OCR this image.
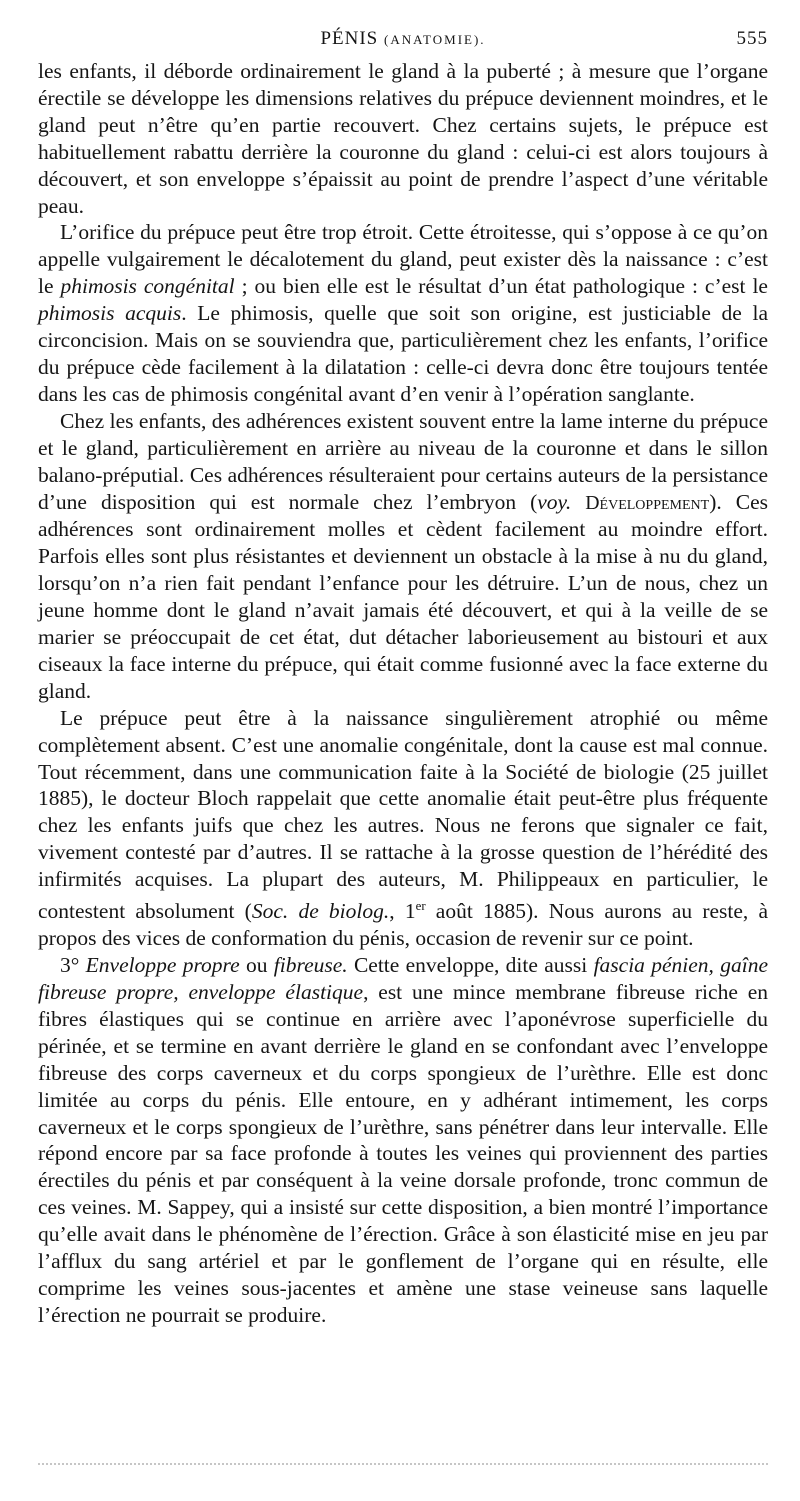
PÉNIS (ANATOMIE).	555

les enfants, il déborde ordinairement le gland à la puberté ; à mesure que l’organe érectile se développe les dimensions relatives du prépuce deviennent moindres, et le gland peut n’être qu’en partie recouvert. Chez certains sujets, le prépuce est habituellement rabattu derrière la couronne du gland : celui-ci est alors toujours à découvert, et son enveloppe s’épaissit au point de prendre l’aspect d’une véritable peau.

L’orifice du prépuce peut être trop étroit. Cette étroitesse, qui s’oppose à ce qu’on appelle vulgairement le décalotement du gland, peut exister dès la naissance : c’est le phimosis congénital ; ou bien elle est le résultat d’un état pathologique : c’est le phimosis acquis. Le phimosis, quelle que soit son origine, est justiciable de la circoncision. Mais on se souviendra que, particulièrement chez les enfants, l’orifice du prépuce cède facilement à la dilatation : celle-ci devra donc être toujours tentée dans les cas de phimosis congénital avant d’en venir à l’opération sanglante.

Chez les enfants, des adhérences existent souvent entre la lame interne du prépuce et le gland, particulièrement en arrière au niveau de la couronne et dans le sillon balano-préputial. Ces adhérences résulteraient pour certains auteurs de la persistance d’une disposition qui est normale chez l’embryon (voy. Développement). Ces adhérences sont ordinairement molles et cèdent facilement au moindre effort. Parfois elles sont plus résistantes et deviennent un obstacle à la mise à nu du gland, lorsqu’on n’a rien fait pendant l’enfance pour les détruire. L’un de nous, chez un jeune homme dont le gland n’avait jamais été découvert, et qui à la veille de se marier se préoccupait de cet état, dut détacher laborieusement au bistouri et aux ciseaux la face interne du prépuce, qui était comme fusionné avec la face externe du gland.

Le prépuce peut être à la naissance singulièrement atrophié ou même complètement absent. C’est une anomalie congénitale, dont la cause est mal connue. Tout récemment, dans une communication faite à la Société de biologie (25 juillet 1885), le docteur Bloch rappelait que cette anomalie était peut-être plus fréquente chez les enfants juifs que chez les autres. Nous ne ferons que signaler ce fait, vivement contesté par d’autres. Il se rattache à la grosse question de l’hérédité des infirmités acquises. La plupart des auteurs, M. Philippeaux en particulier, le contestent absolument (Soc. de biolog., 1er août 1885). Nous aurons au reste, à propos des vices de conformation du pénis, occasion de revenir sur ce point.

3° Enveloppe propre ou fibreuse. Cette enveloppe, dite aussi fascia pénien, gaîne fibreuse propre, enveloppe élastique, est une mince membrane fibreuse riche en fibres élastiques qui se continue en arrière avec l’aponévrose superficielle du périnée, et se termine en avant derrière le gland en se confondant avec l’enveloppe fibreuse des corps caverneux et du corps spongieux de l’urèthre. Elle est donc limitée au corps du pénis. Elle entoure, en y adhérant intimement, les corps caverneux et le corps spongieux de l’urèthre, sans pénétrer dans leur intervalle. Elle répond encore par sa face profonde à toutes les veines qui proviennent des parties érectiles du pénis et par conséquent à la veine dorsale profonde, tronc commun de ces veines. M. Sappey, qui a insisté sur cette disposition, a bien montré l’importance qu’elle avait dans le phénomène de l’érection. Grâce à son élasticité mise en jeu par l’afflux du sang artériel et par le gonflement de l’organe qui en résulte, elle comprime les veines sous-jacentes et amène une stase veineuse sans laquelle l’érection ne pourrait se produire.
